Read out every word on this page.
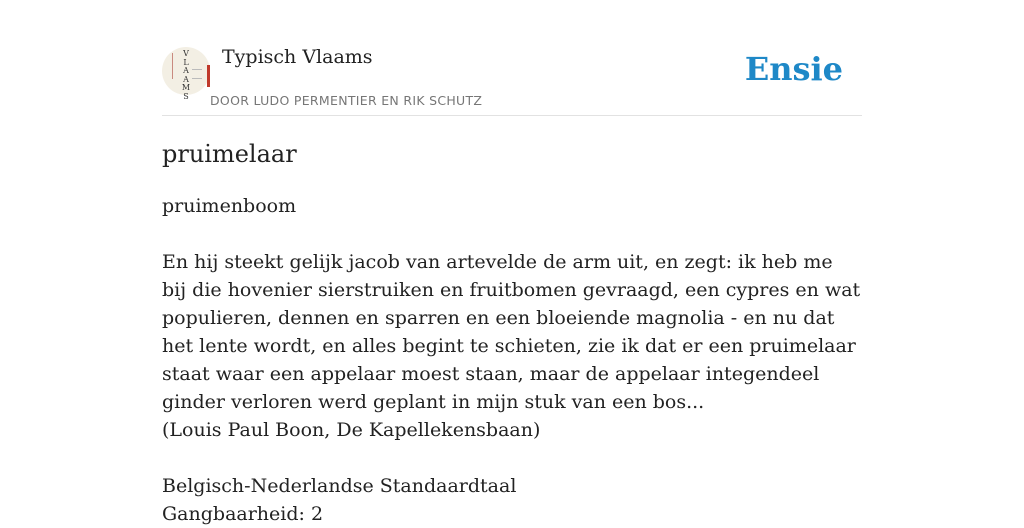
V
L
A
A
M
S
Typisch Vlaams
DOOR LUDO PERMENTIER EN RIK SCHUTZ
Ensie
pruimelaar

pruimenboom

En hij steekt gelijk jacob van artevelde de arm uit, en zegt: ik heb me bij die hovenier sierstruiken en fruitbomen gevraagd, een cypres en wat populieren, dennen en sparren en een bloeiende magnolia - en nu dat het lente wordt, en alles begint te schieten, zie ik dat er een pruimelaar staat waar een appelaar moest staan, maar de appelaar integendeel ginder verloren werd geplant in mijn stuk van een bos...

(Louis Paul Boon, De Kapellekensbaan)

Belgisch-Nederlandse Standaardtaal

Gangbaarheid: 2
